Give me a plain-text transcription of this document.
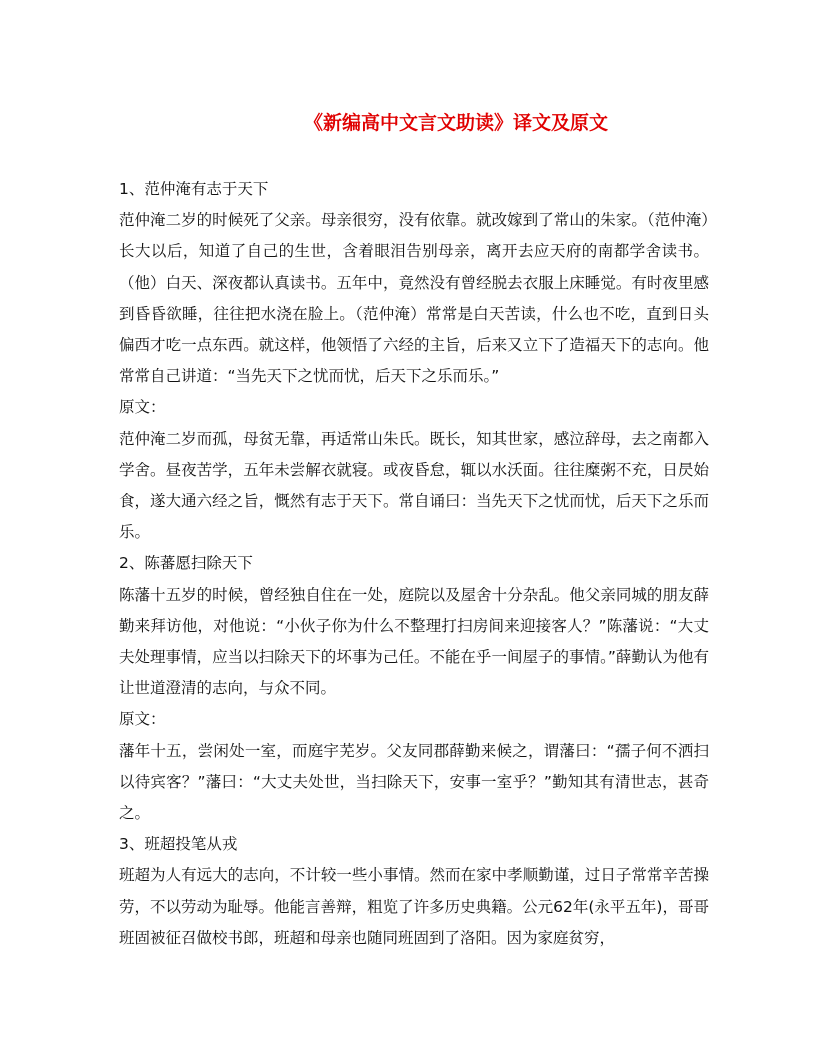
《新编高中文言文助读》译文及原文
1、范仲淹有志于天下
范仲淹二岁的时候死了父亲。母亲很穷，没有依靠。就改嫁到了常山的朱家。（范仲淹）长大以后，知道了自己的生世，含着眼泪告别母亲，离开去应天府的南都学舍读书。（他）白天、深夜都认真读书。五年中，竟然没有曾经脱去衣服上床睡觉。有时夜里感到昏昏欲睡，往往把水浇在脸上。（范仲淹）常常是白天苦读，什么也不吃，直到日头偏西才吃一点东西。就这样，他领悟了六经的主旨，后来又立下了造福天下的志向。他常常自己讲道：“当先天下之忧而忧，后天下之乐而乐。”
原文：
范仲淹二岁而孤，母贫无靠，再适常山朱氏。既长，知其世家，感泣辞母，去之南都入学舍。昼夜苦学，五年未尝解衣就寝。或夜昏怠，辄以水沃面。往往糜粥不充，日昃始食，遂大通六经之旨，慨然有志于天下。常自诵曰：当先天下之忧而忧，后天下之乐而乐。
2、陈蕃愿扫除天下
陈藩十五岁的时候，曾经独自住在一处，庭院以及屋舍十分杂乱。他父亲同城的朋友薛勤来拜访他，对他说：“小伙子你为什么不整理打扫房间来迎接客人？”陈藩说：“大丈夫处理事情，应当以扫除天下的坏事为己任。不能在乎一间屋子的事情。”薛勤认为他有让世道澄清的志向，与众不同。
原文：
藩年十五，尝闲处一室，而庭宇芜岁。父友同郡薛勤来候之，谓藩曰：“孺子何不洒扫以待宾客？”藩曰：“大丈夫处世，当扫除天下，安事一室乎？”勤知其有清世志，甚奇之。
3、班超投笔从戎
班超为人有远大的志向，不计较一些小事情。然而在家中孝顺勤谨，过日子常常辛苦操劳，不以劳动为耻辱。他能言善辩，粗览了许多历史典籍。公元62年(永平五年)，哥哥班固被征召做校书郎，班超和母亲也随同班固到了洛阳。因为家庭贫穷，
